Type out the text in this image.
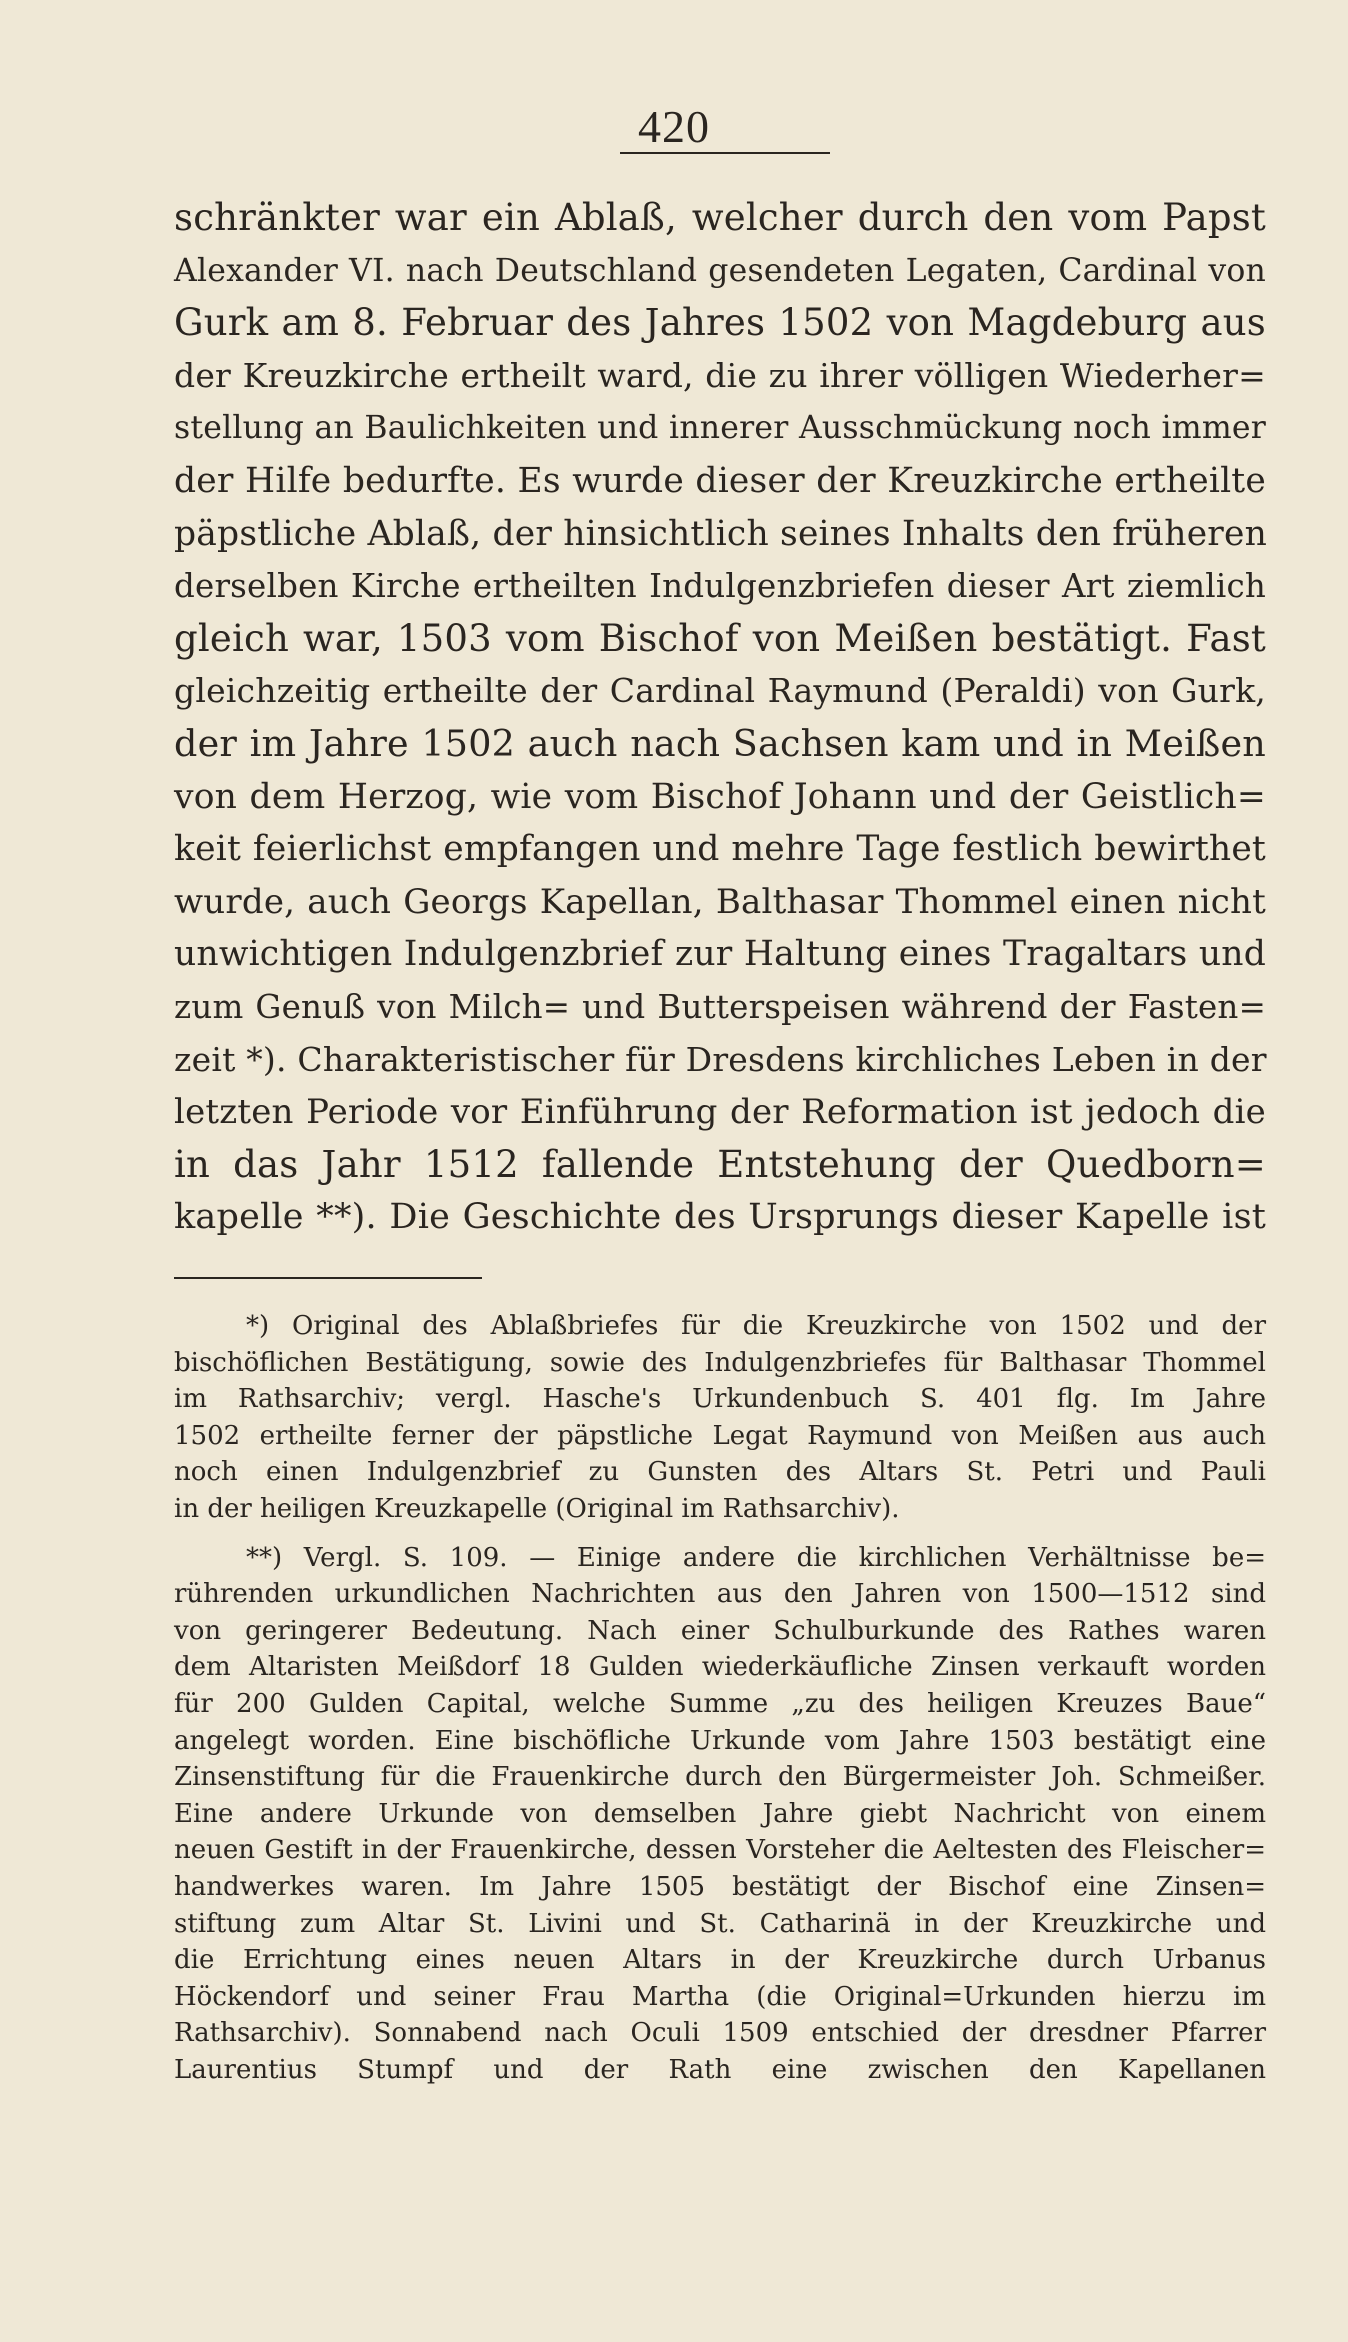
420
schränkter war ein Ablaß, welcher durch den vom Papst
Alexander VI. nach Deutschland gesendeten Legaten, Cardinal von
Gurk am 8. Februar des Jahres 1502 von Magdeburg aus
der Kreuzkirche ertheilt ward, die zu ihrer völligen Wiederher=
stellung an Baulichkeiten und innerer Ausschmückung noch immer
der Hilfe bedurfte. Es wurde dieser der Kreuzkirche ertheilte
päpstliche Ablaß, der hinsichtlich seines Inhalts den früheren
derselben Kirche ertheilten Indulgenzbriefen dieser Art ziemlich
gleich war, 1503 vom Bischof von Meißen bestätigt. Fast
gleichzeitig ertheilte der Cardinal Raymund (Peraldi) von Gurk,
der im Jahre 1502 auch nach Sachsen kam und in Meißen
von dem Herzog, wie vom Bischof Johann und der Geistlich=
keit feierlichst empfangen und mehre Tage festlich bewirthet
wurde, auch Georgs Kapellan, Balthasar Thommel einen nicht
unwichtigen Indulgenzbrief zur Haltung eines Tragaltars und
zum Genuß von Milch= und Butterspeisen während der Fasten=
zeit *). Charakteristischer für Dresdens kirchliches Leben in der
letzten Periode vor Einführung der Reformation ist jedoch die
in das Jahr 1512 fallende Entstehung der Quedborn=
kapelle **). Die Geschichte des Ursprungs dieser Kapelle ist
*) Original des Ablaßbriefes für die Kreuzkirche von 1502 und der
bischöflichen Bestätigung, sowie des Indulgenzbriefes für Balthasar Thommel
im Rathsarchiv; vergl. Hasche's Urkundenbuch S. 401 flg. Im Jahre
1502 ertheilte ferner der päpstliche Legat Raymund von Meißen aus auch
noch einen Indulgenzbrief zu Gunsten des Altars St. Petri und Pauli
in der heiligen Kreuzkapelle (Original im Rathsarchiv).
**) Vergl. S. 109. — Einige andere die kirchlichen Verhältnisse be=
rührenden urkundlichen Nachrichten aus den Jahren von 1500—1512 sind
von geringerer Bedeutung. Nach einer Schulburkunde des Rathes waren
dem Altaristen Meißdorf 18 Gulden wiederkäufliche Zinsen verkauft worden
für 200 Gulden Capital, welche Summe „zu des heiligen Kreuzes Baue“
angelegt worden. Eine bischöfliche Urkunde vom Jahre 1503 bestätigt eine
Zinsenstiftung für die Frauenkirche durch den Bürgermeister Joh. Schmeißer.
Eine andere Urkunde von demselben Jahre giebt Nachricht von einem
neuen Gestift in der Frauenkirche, dessen Vorsteher die Aeltesten des Fleischer=
handwerkes waren. Im Jahre 1505 bestätigt der Bischof eine Zinsen=
stiftung zum Altar St. Livini und St. Catharinä in der Kreuzkirche und
die Errichtung eines neuen Altars in der Kreuzkirche durch Urbanus
Höckendorf und seiner Frau Martha (die Original=Urkunden hierzu im
Rathsarchiv). Sonnabend nach Oculi 1509 entschied der dresdner Pfarrer
Laurentius Stumpf und der Rath eine zwischen den Kapellanen
